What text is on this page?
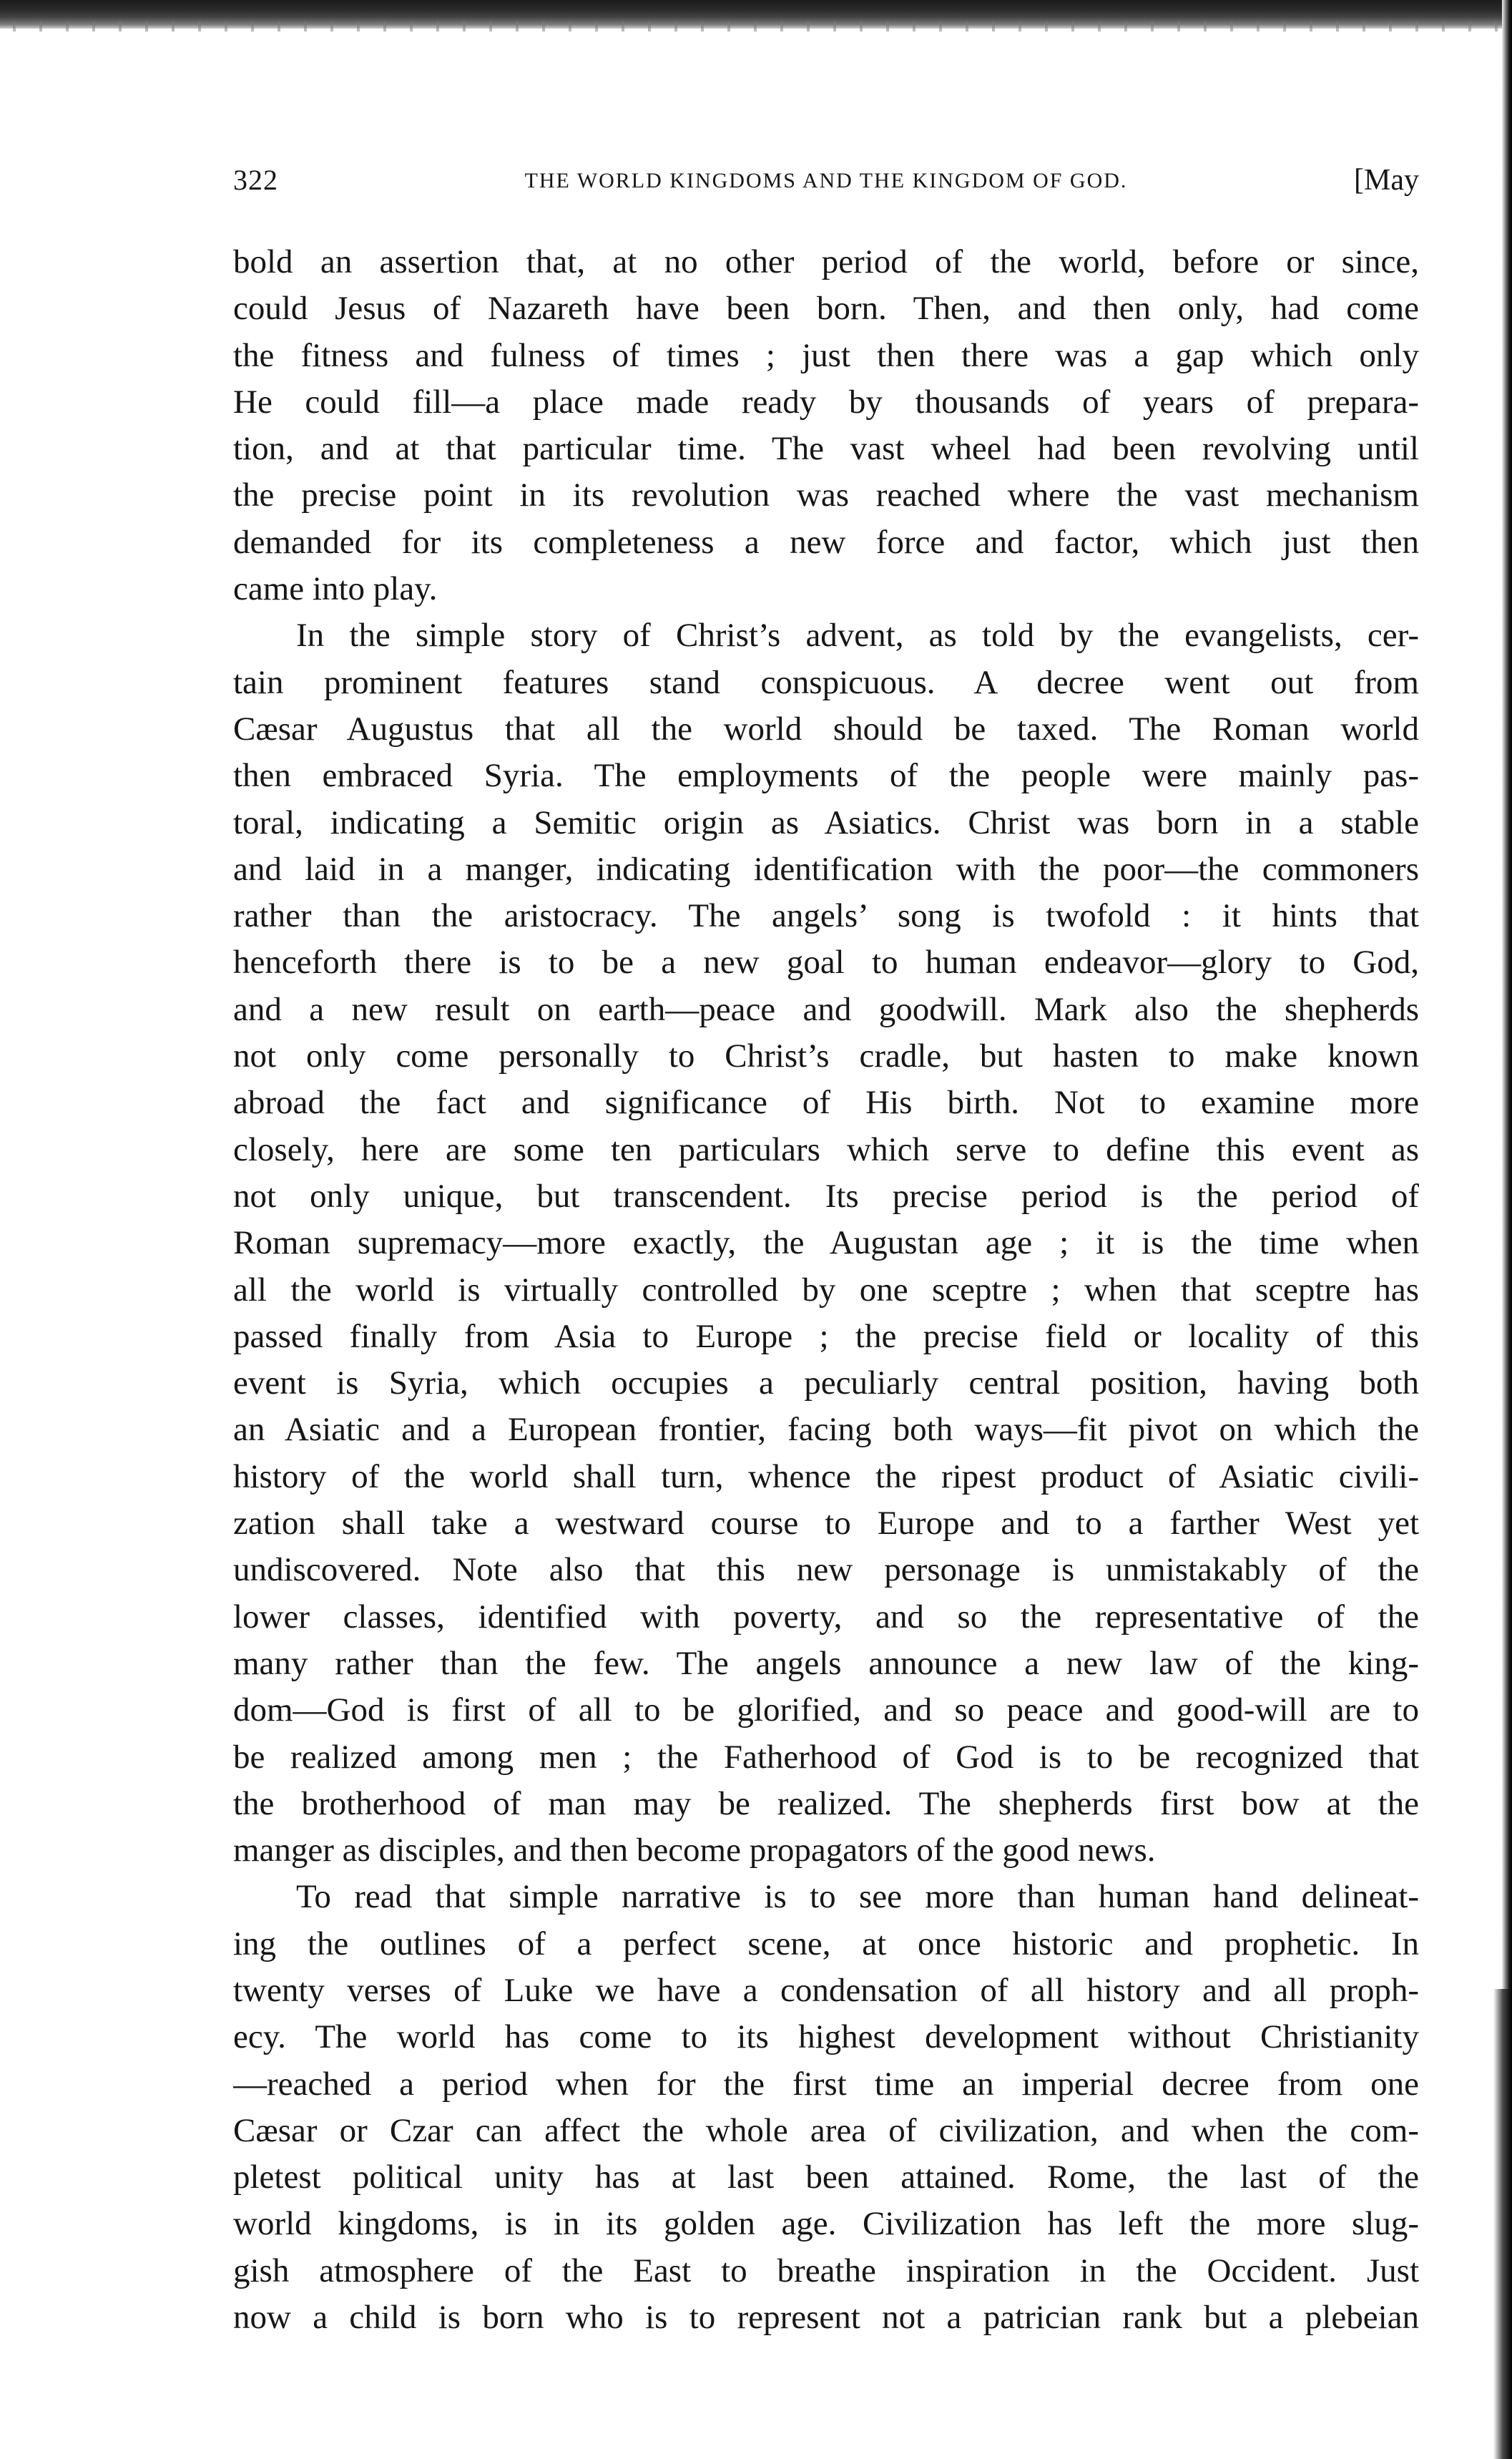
322	THE WORLD KINGDOMS AND THE KINGDOM OF GOD.	[May
bold an assertion that, at no other period of the world, before or since,
could Jesus of Nazareth have been born. Then, and then only, had come
the fitness and fulness of times ; just then there was a gap which only
He could fill—a place made ready by thousands of years of prepara-
tion, and at that particular time. The vast wheel had been revolving until
the precise point in its revolution was reached where the vast mechanism
demanded for its completeness a new force and factor, which just then
came into play.
In the simple story of Christ’s advent, as told by the evangelists, cer-
tain prominent features stand conspicuous. A decree went out from
Cæsar Augustus that all the world should be taxed. The Roman world
then embraced Syria. The employments of the people were mainly pas-
toral, indicating a Semitic origin as Asiatics. Christ was born in a stable
and laid in a manger, indicating identification with the poor—the commoners
rather than the aristocracy. The angels’ song is twofold : it hints that
henceforth there is to be a new goal to human endeavor—glory to God,
and a new result on earth—peace and goodwill. Mark also the shepherds
not only come personally to Christ’s cradle, but hasten to make known
abroad the fact and significance of His birth. Not to examine more
closely, here are some ten particulars which serve to define this event as
not only unique, but transcendent. Its precise period is the period of
Roman supremacy—more exactly, the Augustan age ; it is the time when
all the world is virtually controlled by one sceptre ; when that sceptre has
passed finally from Asia to Europe ; the precise field or locality of this
event is Syria, which occupies a peculiarly central position, having both
an Asiatic and a European frontier, facing both ways—fit pivot on which the
history of the world shall turn, whence the ripest product of Asiatic civili-
zation shall take a westward course to Europe and to a farther West yet
undiscovered. Note also that this new personage is unmistakably of the
lower classes, identified with poverty, and so the representative of the
many rather than the few. The angels announce a new law of the king-
dom—God is first of all to be glorified, and so peace and good-will are to
be realized among men ; the Fatherhood of God is to be recognized that
the brotherhood of man may be realized. The shepherds first bow at the
manger as disciples, and then become propagators of the good news.
To read that simple narrative is to see more than human hand delineat-
ing the outlines of a perfect scene, at once historic and prophetic. In
twenty verses of Luke we have a condensation of all history and all proph-
ecy. The world has come to its highest development without Christianity
—reached a period when for the first time an imperial decree from one
Cæsar or Czar can affect the whole area of civilization, and when the com-
pletest political unity has at last been attained. Rome, the last of the
world kingdoms, is in its golden age. Civilization has left the more slug-
gish atmosphere of the East to breathe inspiration in the Occident. Just
now a child is born who is to represent not a patrician rank but a plebeian
